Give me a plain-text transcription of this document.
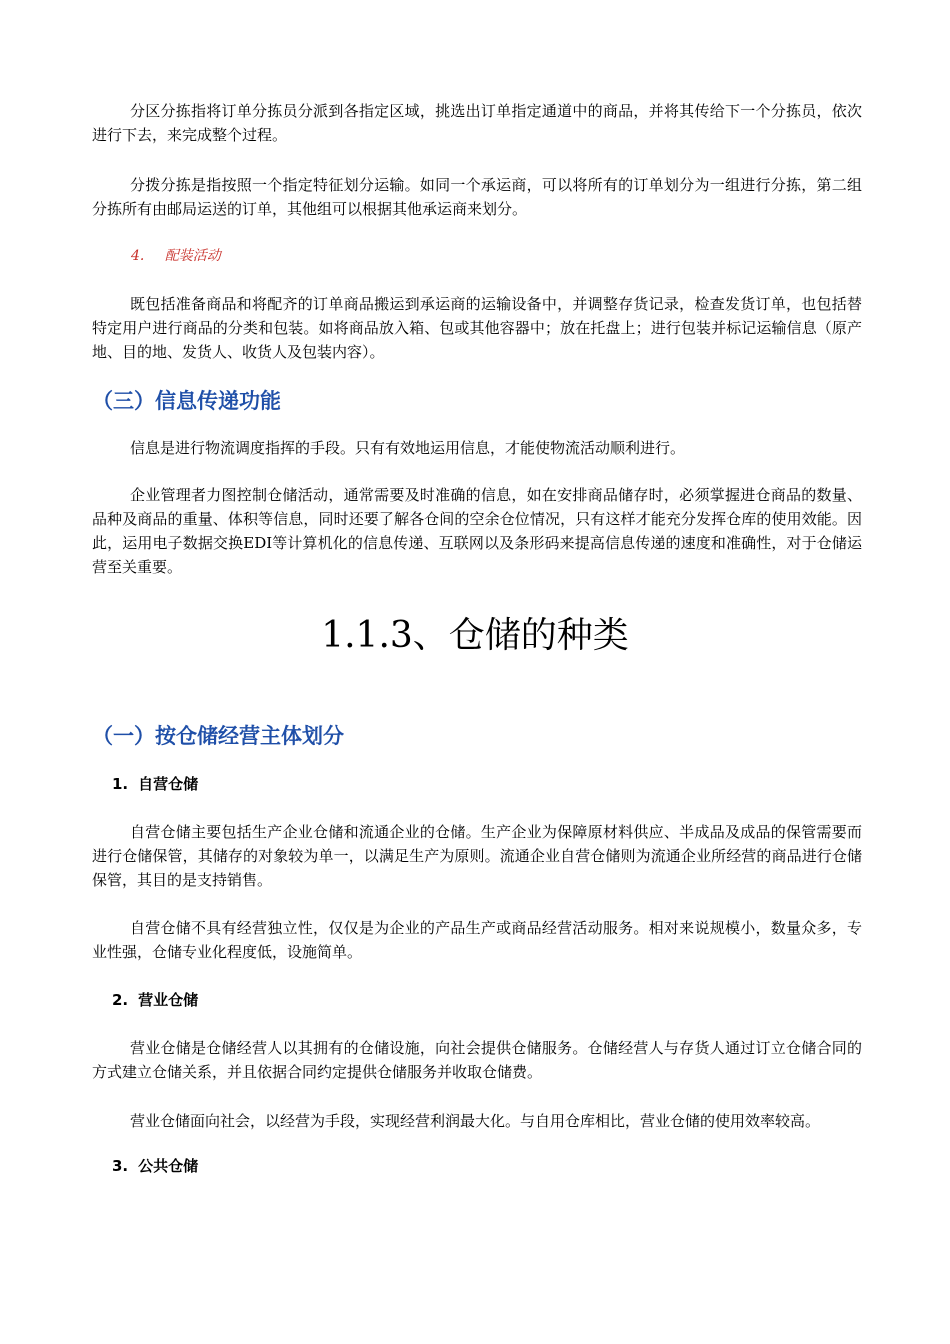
分区分拣指将订单分拣员分派到各指定区域，挑选出订单指定通道中的商品，并将其传给下一个分拣员，依次进行下去，来完成整个过程。

分拨分拣是指按照一个指定特征划分运输。如同一个承运商，可以将所有的订单划分为一组进行分拣，第二组分拣所有由邮局运送的订单，其他组可以根据其他承运商来划分。

4. 配装活动

既包括准备商品和将配齐的订单商品搬运到承运商的运输设备中，并调整存货记录，检查发货订单，也包括替特定用户进行商品的分类和包装。如将商品放入箱、包或其他容器中；放在托盘上；进行包装并标记运输信息（原产地、目的地、发货人、收货人及包装内容）。

（三）信息传递功能

信息是进行物流调度指挥的手段。只有有效地运用信息，才能使物流活动顺利进行。

企业管理者力图控制仓储活动，通常需要及时准确的信息，如在安排商品储存时，必须掌握进仓商品的数量、品种及商品的重量、体积等信息，同时还要了解各仓间的空余仓位情况，只有这样才能充分发挥仓库的使用效能。因此，运用电子数据交换EDI等计算机化的信息传递、互联网以及条形码来提高信息传递的速度和准确性，对于仓储运营至关重要。

1.1.3、仓储的种类
（一）按仓储经营主体划分

1. 自营仓储

自营仓储主要包括生产企业仓储和流通企业的仓储。生产企业为保障原材料供应、半成品及成品的保管需要而进行仓储保管，其储存的对象较为单一，以满足生产为原则。流通企业自营仓储则为流通企业所经营的商品进行仓储保管，其目的是支持销售。

自营仓储不具有经营独立性，仅仅是为企业的产品生产或商品经营活动服务。相对来说规模小，数量众多，专业性强，仓储专业化程度低，设施简单。

2. 营业仓储

营业仓储是仓储经营人以其拥有的仓储设施，向社会提供仓储服务。仓储经营人与存货人通过订立仓储合同的方式建立仓储关系，并且依据合同约定提供仓储服务并收取仓储费。

营业仓储面向社会，以经营为手段，实现经营利润最大化。与自用仓库相比，营业仓储的使用效率较高。

3. 公共仓储
